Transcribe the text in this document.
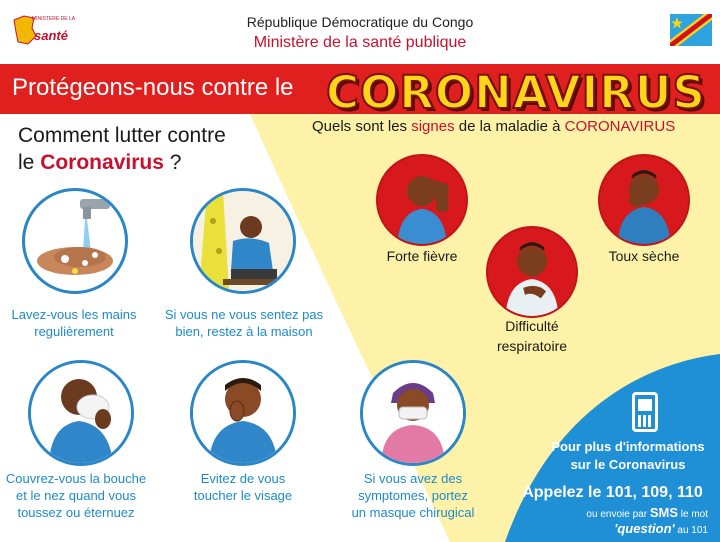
MINISTERE DE LA
santé
République Démocratique du Congo
Ministère de la santé publique
Protégeons-nous contre le CORONAVIRUS
Comment lutter contre
le Coronavirus ?
Quels sont les signes de la maladie à CORONAVIRUS
Lavez-vous les mains
regulièrement
Si vous ne vous sentez pas
bien, restez à la maison
Couvrez-vous la bouche
et le nez quand vous
toussez ou éternuez
Evitez de vous
toucher le visage
Si vous avez des
symptomes, portez
un masque chirugical
Forte fièvre
Difficulté
respiratoire
Toux sèche
Pour plus d'informations
sur le Coronavirus
Appelez le 101, 109, 110
ou envoie par SMS le mot
'question' au 101
